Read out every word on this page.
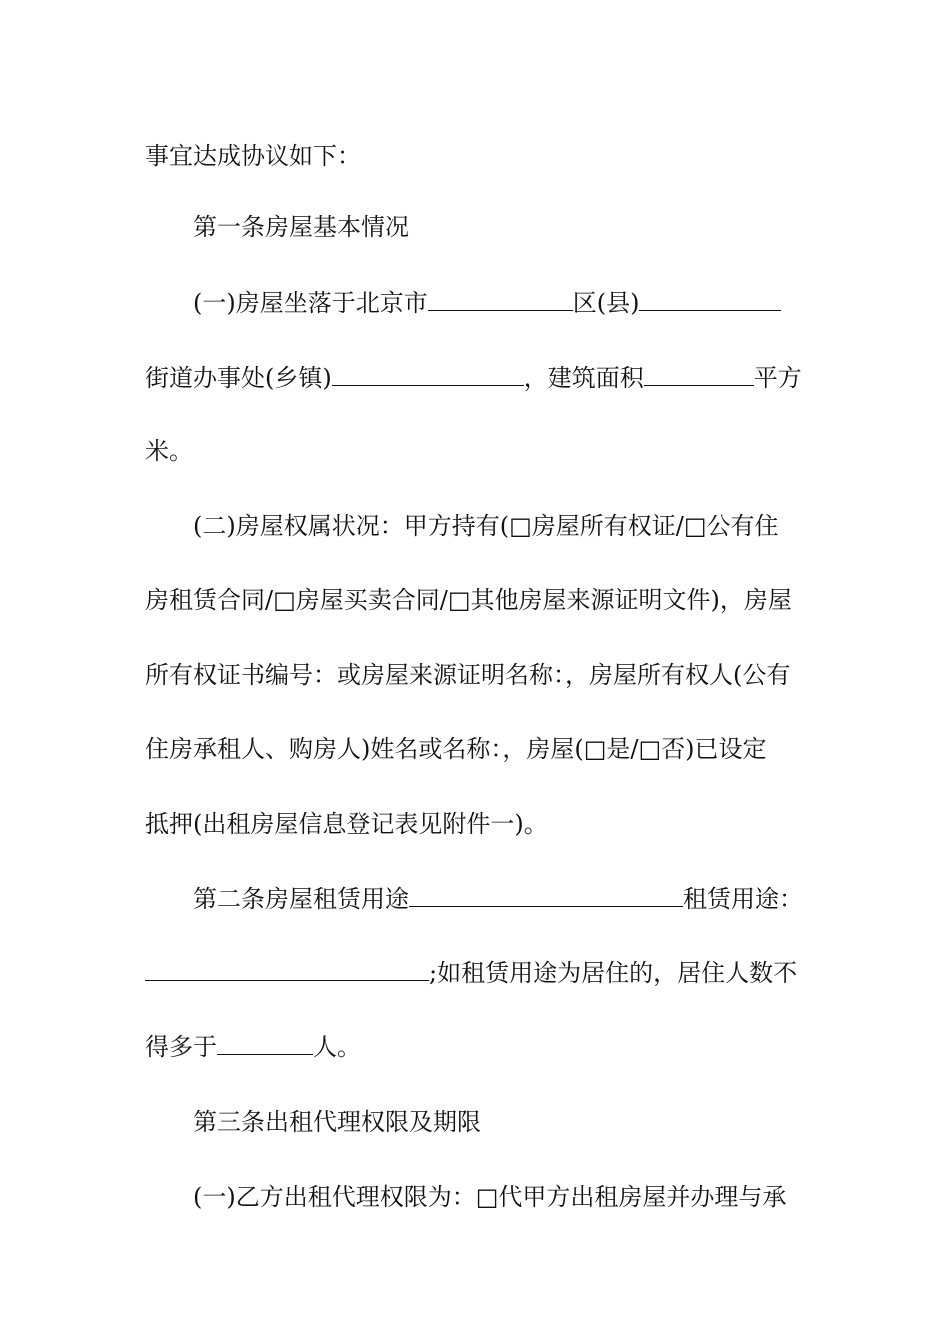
事宜达成协议如下：
第一条房屋基本情况
(一)房屋坐落于北京市	区(县)
街道办事处(乡镇)	，建筑面积	平方
米。
(二)房屋权属状况：甲方持有(□房屋所有权证/□公有住
房租赁合同/□房屋买卖合同/□其他房屋来源证明文件)，房屋
所有权证书编号：或房屋来源证明名称：，房屋所有权人(公有
住房承租人、购房人)姓名或名称：，房屋(□是/□否)已设定
抵押(出租房屋信息登记表见附件一)。
第二条房屋租赁用途	租赁用途：
;如租赁用途为居住的，居住人数不
得多于	人。
第三条出租代理权限及期限
(一)乙方出租代理权限为：□代甲方出租房屋并办理与承
